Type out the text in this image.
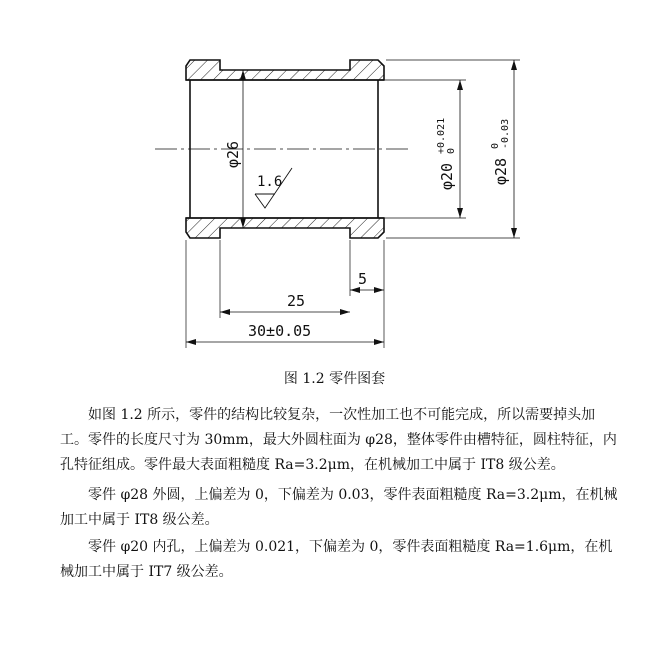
φ26
1.6	φ20
+0.021 0
φ28
0 -0.03
5
25
30±0.05
图 1.2 零件图套

如图 1.2 所示，零件的结构比较复杂，一次性加工也不可能完成，所以需要掉头加工。零件的长度尺寸为 30mm，最大外圆柱面为 φ28，整体零件由槽特征，圆柱特征，内孔特征组成。零件最大表面粗糙度 Ra=3.2μm，在机械加工中属于 IT8 级公差。

零件 φ28 外圆，上偏差为 0，下偏差为 0.03，零件表面粗糙度 Ra=3.2μm，在机械加工中属于 IT8 级公差。

零件 φ20 内孔，上偏差为 0.021，下偏差为 0，零件表面粗糙度 Ra=1.6μm，在机械加工中属于 IT7 级公差。
